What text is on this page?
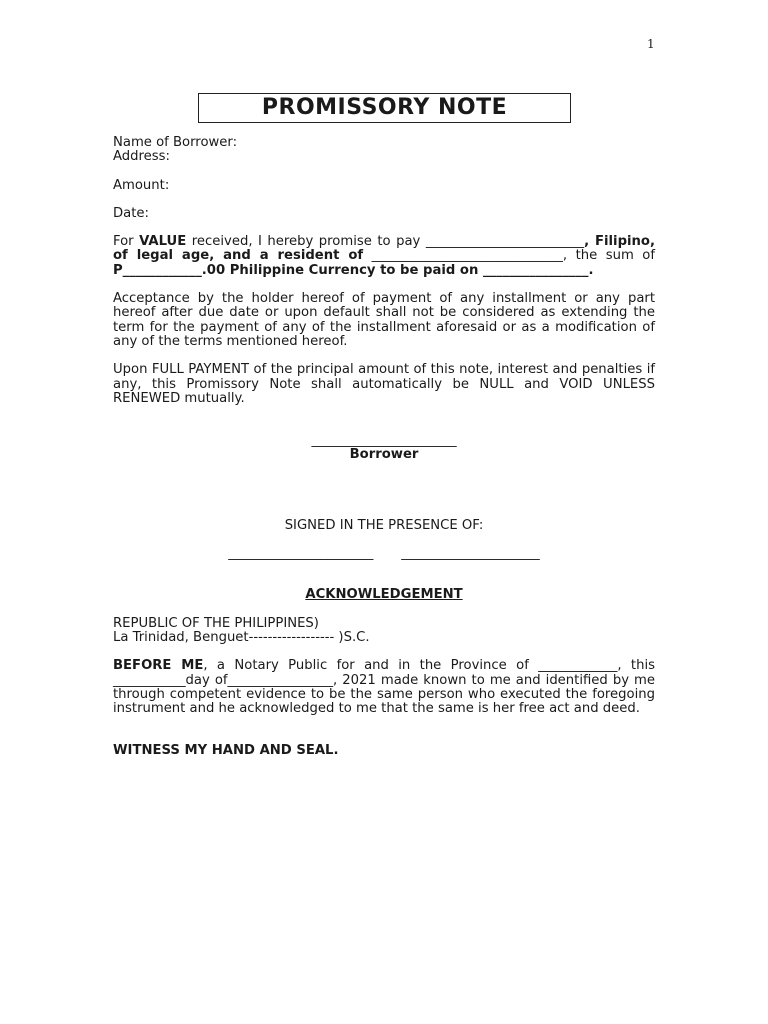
1
PROMISSORY NOTE

Name of Borrower:

Address:

Amount:

Date:

For VALUE received, I hereby promise to pay ________________________, Filipino, of legal age, and a resident of _____________________________, the sum of P____________.00 Philippine Currency to be paid on ________________.

Acceptance by the holder hereof of payment of any installment or any part hereof after due date or upon default shall not be considered as extending the term for the payment of any of the installment aforesaid or as a modification of any of the terms mentioned hereof.

Upon FULL PAYMENT of the principal amount of this note, interest and penalties if any, this Promissory Note shall automatically be NULL and VOID UNLESS RENEWED mutually.

______________________
Borrower

SIGNED IN THE PRESENCE OF:

______________________ _____________________

ACKNOWLEDGEMENT

REPUBLIC OF THE PHILIPPINES)

La Trinidad, Benguet------------------ )S.C.

BEFORE ME, a Notary Public for and in the Province of ____________, this ___________day of________________, 2021 made known to me and identified by me through competent evidence to be the same person who executed the foregoing instrument and he acknowledged to me that the same is her free act and deed.

WITNESS MY HAND AND SEAL.
